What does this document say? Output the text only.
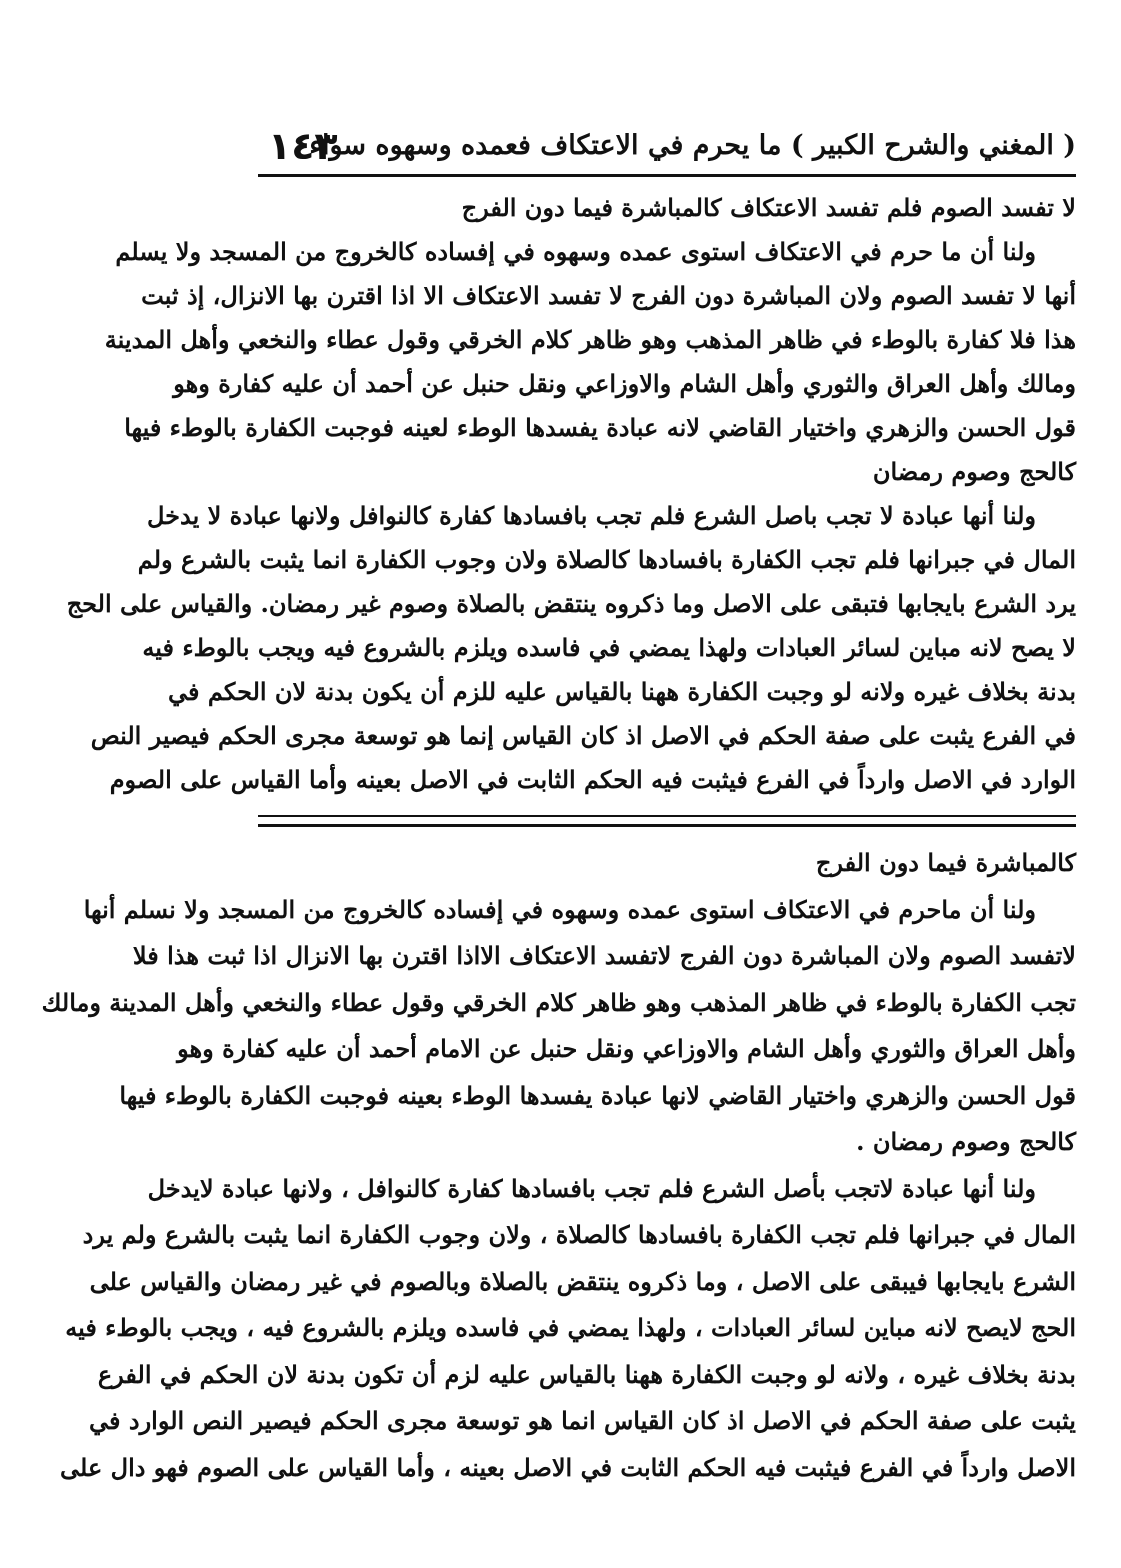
( المغني والشرح الكبير ) ما يحرم في الاعتكاف فعمده وسهوه سواء
١٤٣
لا تفسد الصوم فلم تفسد الاعتكاف كالمباشرة فيما دون الفرج
ولنا أن ما حرم في الاعتكاف استوى عمده وسهوه في إفساده كالخروج من المسجد ولا يسلم
أنها لا تفسد الصوم ولان المباشرة دون الفرج لا تفسد الاعتكاف الا اذا اقترن بها الانزال، إذ ثبت
هذا فلا كفارة بالوطء في ظاهر المذهب وهو ظاهر كلام الخرقي وقول عطاء والنخعي وأهل المدينة
ومالك وأهل العراق والثوري وأهل الشام والاوزاعي ونقل حنبل عن أحمد أن عليه كفارة وهو
قول الحسن والزهري واختيار القاضي لانه عبادة يفسدها الوطء لعينه فوجبت الكفارة بالوطء فيها
كالحج وصوم رمضان
ولنا أنها عبادة لا تجب باصل الشرع فلم تجب بافسادها كفارة كالنوافل ولانها عبادة لا يدخل
المال في جبرانها فلم تجب الكفارة بافسادها كالصلاة ولان وجوب الكفارة انما يثبت بالشرع ولم
يرد الشرع بايجابها فتبقى على الاصل وما ذكروه ينتقض بالصلاة وصوم غير رمضان. والقياس على الحج
لا يصح لانه مباين لسائر العبادات ولهذا يمضي في فاسده ويلزم بالشروع فيه ويجب بالوطء فيه
بدنة بخلاف غيره ولانه لو وجبت الكفارة ههنا بالقياس عليه للزم أن يكون بدنة لان الحكم في
في الفرع يثبت على صفة الحكم في الاصل اذ كان القياس إنما هو توسعة مجرى الحكم فيصير النص
الوارد في الاصل وارداً في الفرع فيثبت فيه الحكم الثابت في الاصل بعينه وأما القياس على الصوم
كالمباشرة فيما دون الفرج
ولنا أن ماحرم في الاعتكاف استوى عمده وسهوه في إفساده كالخروج من المسجد ولا نسلم أنها
لاتفسد الصوم ولان المباشرة دون الفرج لاتفسد الاعتكاف الااذا اقترن بها الانزال اذا ثبت هذا فلا
تجب الكفارة بالوطء في ظاهر المذهب وهو ظاهر كلام الخرقي وقول عطاء والنخعي وأهل المدينة ومالك
وأهل العراق والثوري وأهل الشام والاوزاعي ونقل حنبل عن الامام أحمد أن عليه كفارة وهو
قول الحسن والزهري واختيار القاضي لانها عبادة يفسدها الوطء بعينه فوجبت الكفارة بالوطء فيها
كالحج وصوم رمضان .
ولنا أنها عبادة لاتجب بأصل الشرع فلم تجب بافسادها كفارة كالنوافل ، ولانها عبادة لايدخل
المال في جبرانها فلم تجب الكفارة بافسادها كالصلاة ، ولان وجوب الكفارة انما يثبت بالشرع ولم يرد
الشرع بايجابها فيبقى على الاصل ، وما ذكروه ينتقض بالصلاة وبالصوم في غير رمضان والقياس على
الحج لايصح لانه مباين لسائر العبادات ، ولهذا يمضي في فاسده ويلزم بالشروع فيه ، ويجب بالوطء فيه
بدنة بخلاف غيره ، ولانه لو وجبت الكفارة ههنا بالقياس عليه لزم أن تكون بدنة لان الحكم في الفرع
يثبت على صفة الحكم في الاصل اذ كان القياس انما هو توسعة مجرى الحكم فيصير النص الوارد في
الاصل وارداً في الفرع فيثبت فيه الحكم الثابت في الاصل بعينه ، وأما القياس على الصوم فهو دال على
